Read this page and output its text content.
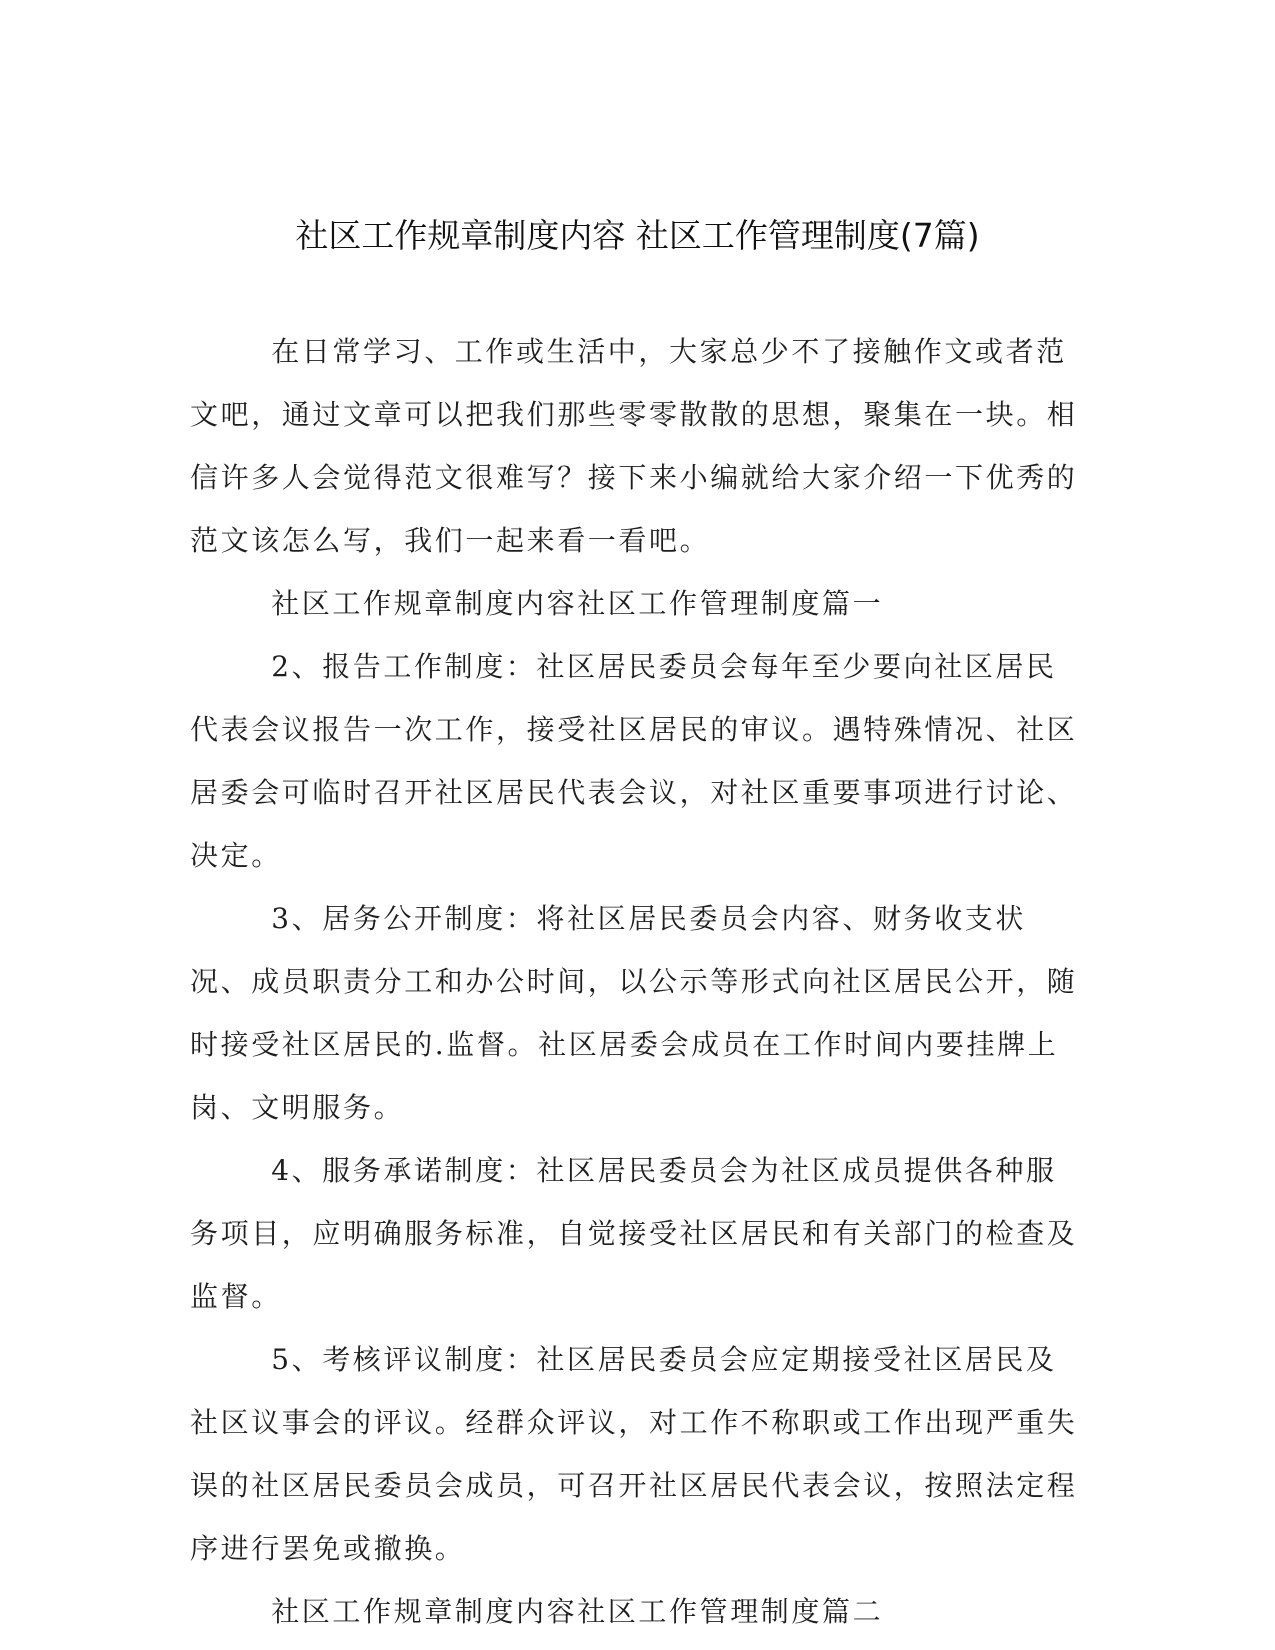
社区工作规章制度内容 社区工作管理制度(7篇)

在日常学习、工作或生活中，大家总少不了接触作文或者范文吧，通过文章可以把我们那些零零散散的思想，聚集在一块。相信许多人会觉得范文很难写？接下来小编就给大家介绍一下优秀的范文该怎么写，我们一起来看一看吧。

社区工作规章制度内容社区工作管理制度篇一

2、报告工作制度：社区居民委员会每年至少要向社区居民代表会议报告一次工作，接受社区居民的审议。遇特殊情况、社区居委会可临时召开社区居民代表会议，对社区重要事项进行讨论、决定。

3、居务公开制度：将社区居民委员会内容、财务收支状况、成员职责分工和办公时间，以公示等形式向社区居民公开，随时接受社区居民的.监督。社区居委会成员在工作时间内要挂牌上岗、文明服务。

4、服务承诺制度：社区居民委员会为社区成员提供各种服务项目，应明确服务标准，自觉接受社区居民和有关部门的检查及监督。

5、考核评议制度：社区居民委员会应定期接受社区居民及社区议事会的评议。经群众评议，对工作不称职或工作出现严重失误的社区居民委员会成员，可召开社区居民代表会议，按照法定程序进行罢免或撤换。

社区工作规章制度内容社区工作管理制度篇二
